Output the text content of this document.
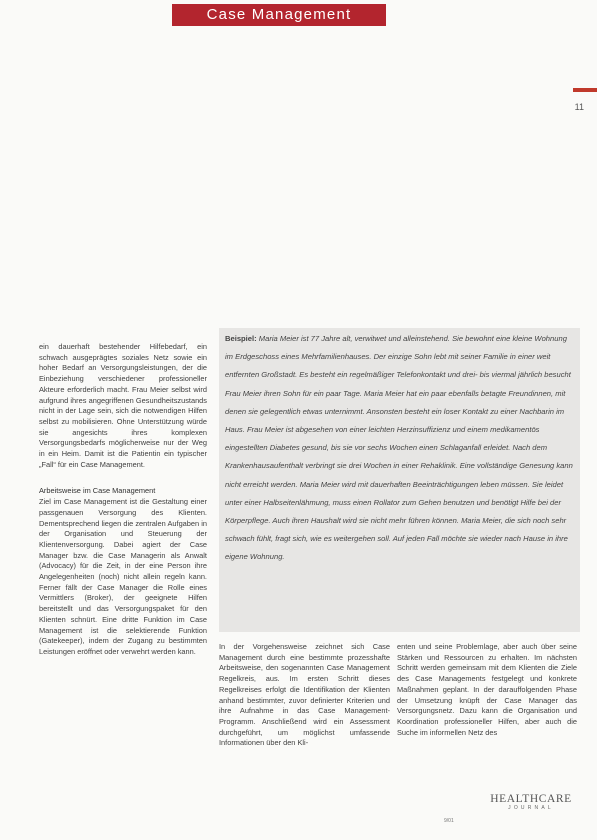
Case Management
11

Beispiel: Maria Meier ist 77 Jahre alt, verwitwet und alleinstehend. Sie bewohnt eine kleine Wohnung im Erdgeschoss eines Mehrfamilienhauses. Der einzige Sohn lebt mit seiner Familie in einer weit entfernten Großstadt. Es besteht ein regelmäßiger Telefonkontakt und drei- bis viermal jährlich besucht Frau Meier ihren Sohn für ein paar Tage. Maria Meier hat ein paar ebenfalls betagte Freundinnen, mit denen sie gelegentlich etwas unternimmt. Ansonsten besteht ein loser Kontakt zu einer Nachbarin im Haus. Frau Meier ist abgesehen von einer leichten Herzinsuffizienz und einem medikamentös eingestellten Diabetes gesund, bis sie vor sechs Wochen einen Schlaganfall erleidet. Nach dem Krankenhausaufenthalt verbringt sie drei Wochen in einer Rehaklinik. Eine vollständige Genesung kann nicht erreicht werden. Maria Meier wird mit dauerhaften Beeinträchtigungen leben müssen. Sie leidet unter einer Halbseitenlähmung, muss einen Rollator zum Gehen benutzen und benötigt Hilfe bei der Körperpflege. Auch ihren Haushalt wird sie nicht mehr führen können. Maria Meier, die sich noch sehr schwach fühlt, fragt sich, wie es weitergehen soll. Auf jeden Fall möchte sie wieder nach Hause in ihre eigene Wohnung.

ein dauerhaft bestehender Hilfebedarf, ein schwach ausgeprägtes soziales Netz sowie ein hoher Bedarf an Versorgungsleistungen, der die Einbeziehung verschiedener professioneller Akteure erforderlich macht. Frau Meier selbst wird aufgrund ihres angegriffenen Gesundheitszustands nicht in der Lage sein, sich die notwendigen Hilfen selbst zu mobilisieren. Ohne Unterstützung würde sie angesichts ihres komplexen Versorgungsbedarfs möglicherweise nur der Weg in ein Heim. Damit ist die Patientin ein typischer „Fall“ für ein Case Management.

Arbeitsweise im Case Management

Ziel im Case Management ist die Gestaltung einer passgenauen Versorgung des Klienten. Dementsprechend liegen die zentralen Aufgaben in der Organisation und Steuerung der Klientenversorgung. Dabei agiert der Case Manager bzw. die Case Managerin als Anwalt (Advocacy) für die Zeit, in der eine Person ihre Angelegenheiten (noch) nicht allein regeln kann. Ferner fällt der Case Manager die Rolle eines Vermittlers (Broker), der geeignete Hilfen bereitstellt und das Versorgungspaket für den Klienten schnürt. Eine dritte Funktion im Case Management ist die selektierende Funktion (Gatekeeper), indem der Zugang zu bestimmten Leistungen eröffnet oder verwehrt werden kann.

In der Vorgehensweise zeichnet sich Case Management durch eine bestimmte prozesshafte Arbeitsweise, den sogenannten Case Management Regelkreis, aus. Im ersten Schritt dieses Regelkreises erfolgt die Identifikation der Klienten anhand bestimmter, zuvor definierter Kriterien und ihre Aufnahme in das Case Management-Programm. Anschließend wird ein Assessment durchgeführt, um möglichst umfassende Informationen über den Kli-

enten und seine Problemlage, aber auch über seine Stärken und Ressourcen zu erhalten. Im nächsten Schritt werden gemeinsam mit dem Klienten die Ziele des Case Managements festgelegt und konkrete Maßnahmen geplant. In der darauffolgenden Phase der Umsetzung knüpft der Case Manager das Versorgungsnetz. Dazu kann die Organisation und Koordination professioneller Hilfen, aber auch die Suche im informellen Netz des

HEALTHCARE
JOURNAL
9/01
